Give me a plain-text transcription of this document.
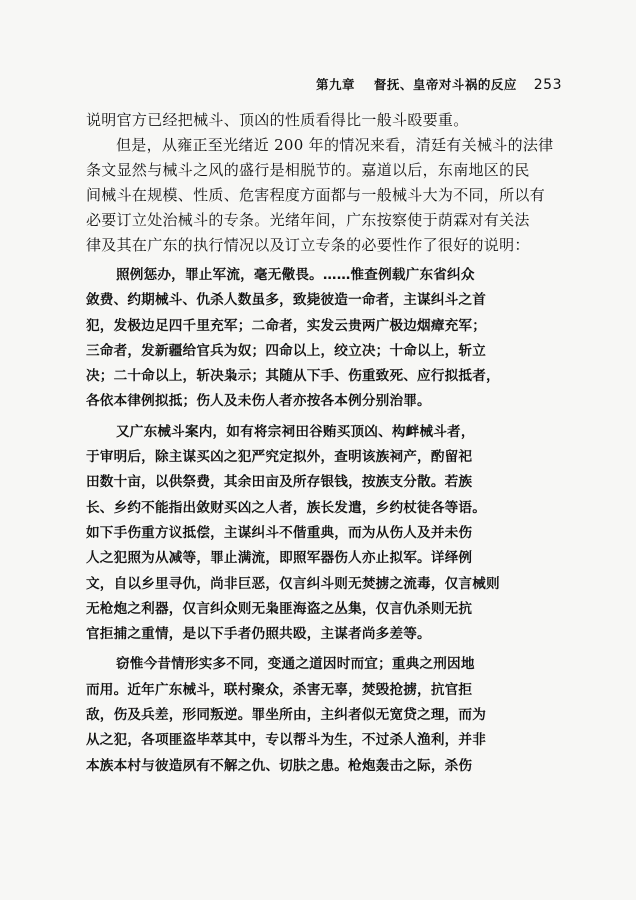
第九章 督抚、皇帝对斗祸的反应 253
说明官方已经把械斗、顶凶的性质看得比一般斗殴要重。
但是，从雍正至光绪近 200 年的情况来看，清廷有关械斗的法律
条文显然与械斗之风的盛行是相脱节的。嘉道以后，东南地区的民
间械斗在规模、性质、危害程度方面都与一般械斗大为不同，所以有
必要订立处治械斗的专条。光绪年间，广东按察使于荫霖对有关法
律及其在广东的执行情况以及订立专条的必要性作了很好的说明：
照例惩办，罪止军流，毫无儆畏。……惟查例载广东省纠众
敛费、约期械斗、仇杀人数虽多，致毙彼造一命者，主谋纠斗之首
犯，发极边足四千里充军；二命者，实发云贵两广极边烟瘴充军；
三命者，发新疆给官兵为奴；四命以上，绞立决；十命以上，斩立
决；二十命以上，斩决枭示；其随从下手、伤重致死、应行拟抵者，
各依本律例拟抵；伤人及未伤人者亦按各本例分别治罪。
又广东械斗案内，如有将宗祠田谷贿买顶凶、构衅械斗者，
于审明后，除主谋买凶之犯严究定拟外，查明该族祠产，酌留祀
田数十亩，以供祭费，其余田亩及所存银钱，按族支分散。若族
长、乡约不能指出敛财买凶之人者，族长发遣，乡约杖徒各等语。
如下手伤重方议抵偿，主谋纠斗不偕重典，而为从伤人及并未伤
人之犯照为从减等，罪止满流，即照军器伤人亦止拟军。详绎例
文，自以乡里寻仇，尚非巨恶，仅言纠斗则无焚掳之流毒，仅言械则
无枪炮之利器，仅言纠众则无枭匪海盗之丛集，仅言仇杀则无抗
官拒捕之重情，是以下手者仍照共殴，主谋者尚多差等。
窃惟今昔情形实多不同，变通之道因时而宜；重典之刑因地
而用。近年广东械斗，联村聚众，杀害无辜，焚毁抢掳，抗官拒
敌，伤及兵差，形同叛逆。罪坐所由，主纠者似无宽贷之理，而为
从之犯，各项匪盗毕萃其中，专以帮斗为生，不过杀人渔利，并非
本族本村与彼造夙有不解之仇、切肤之患。枪炮轰击之际，杀伤
